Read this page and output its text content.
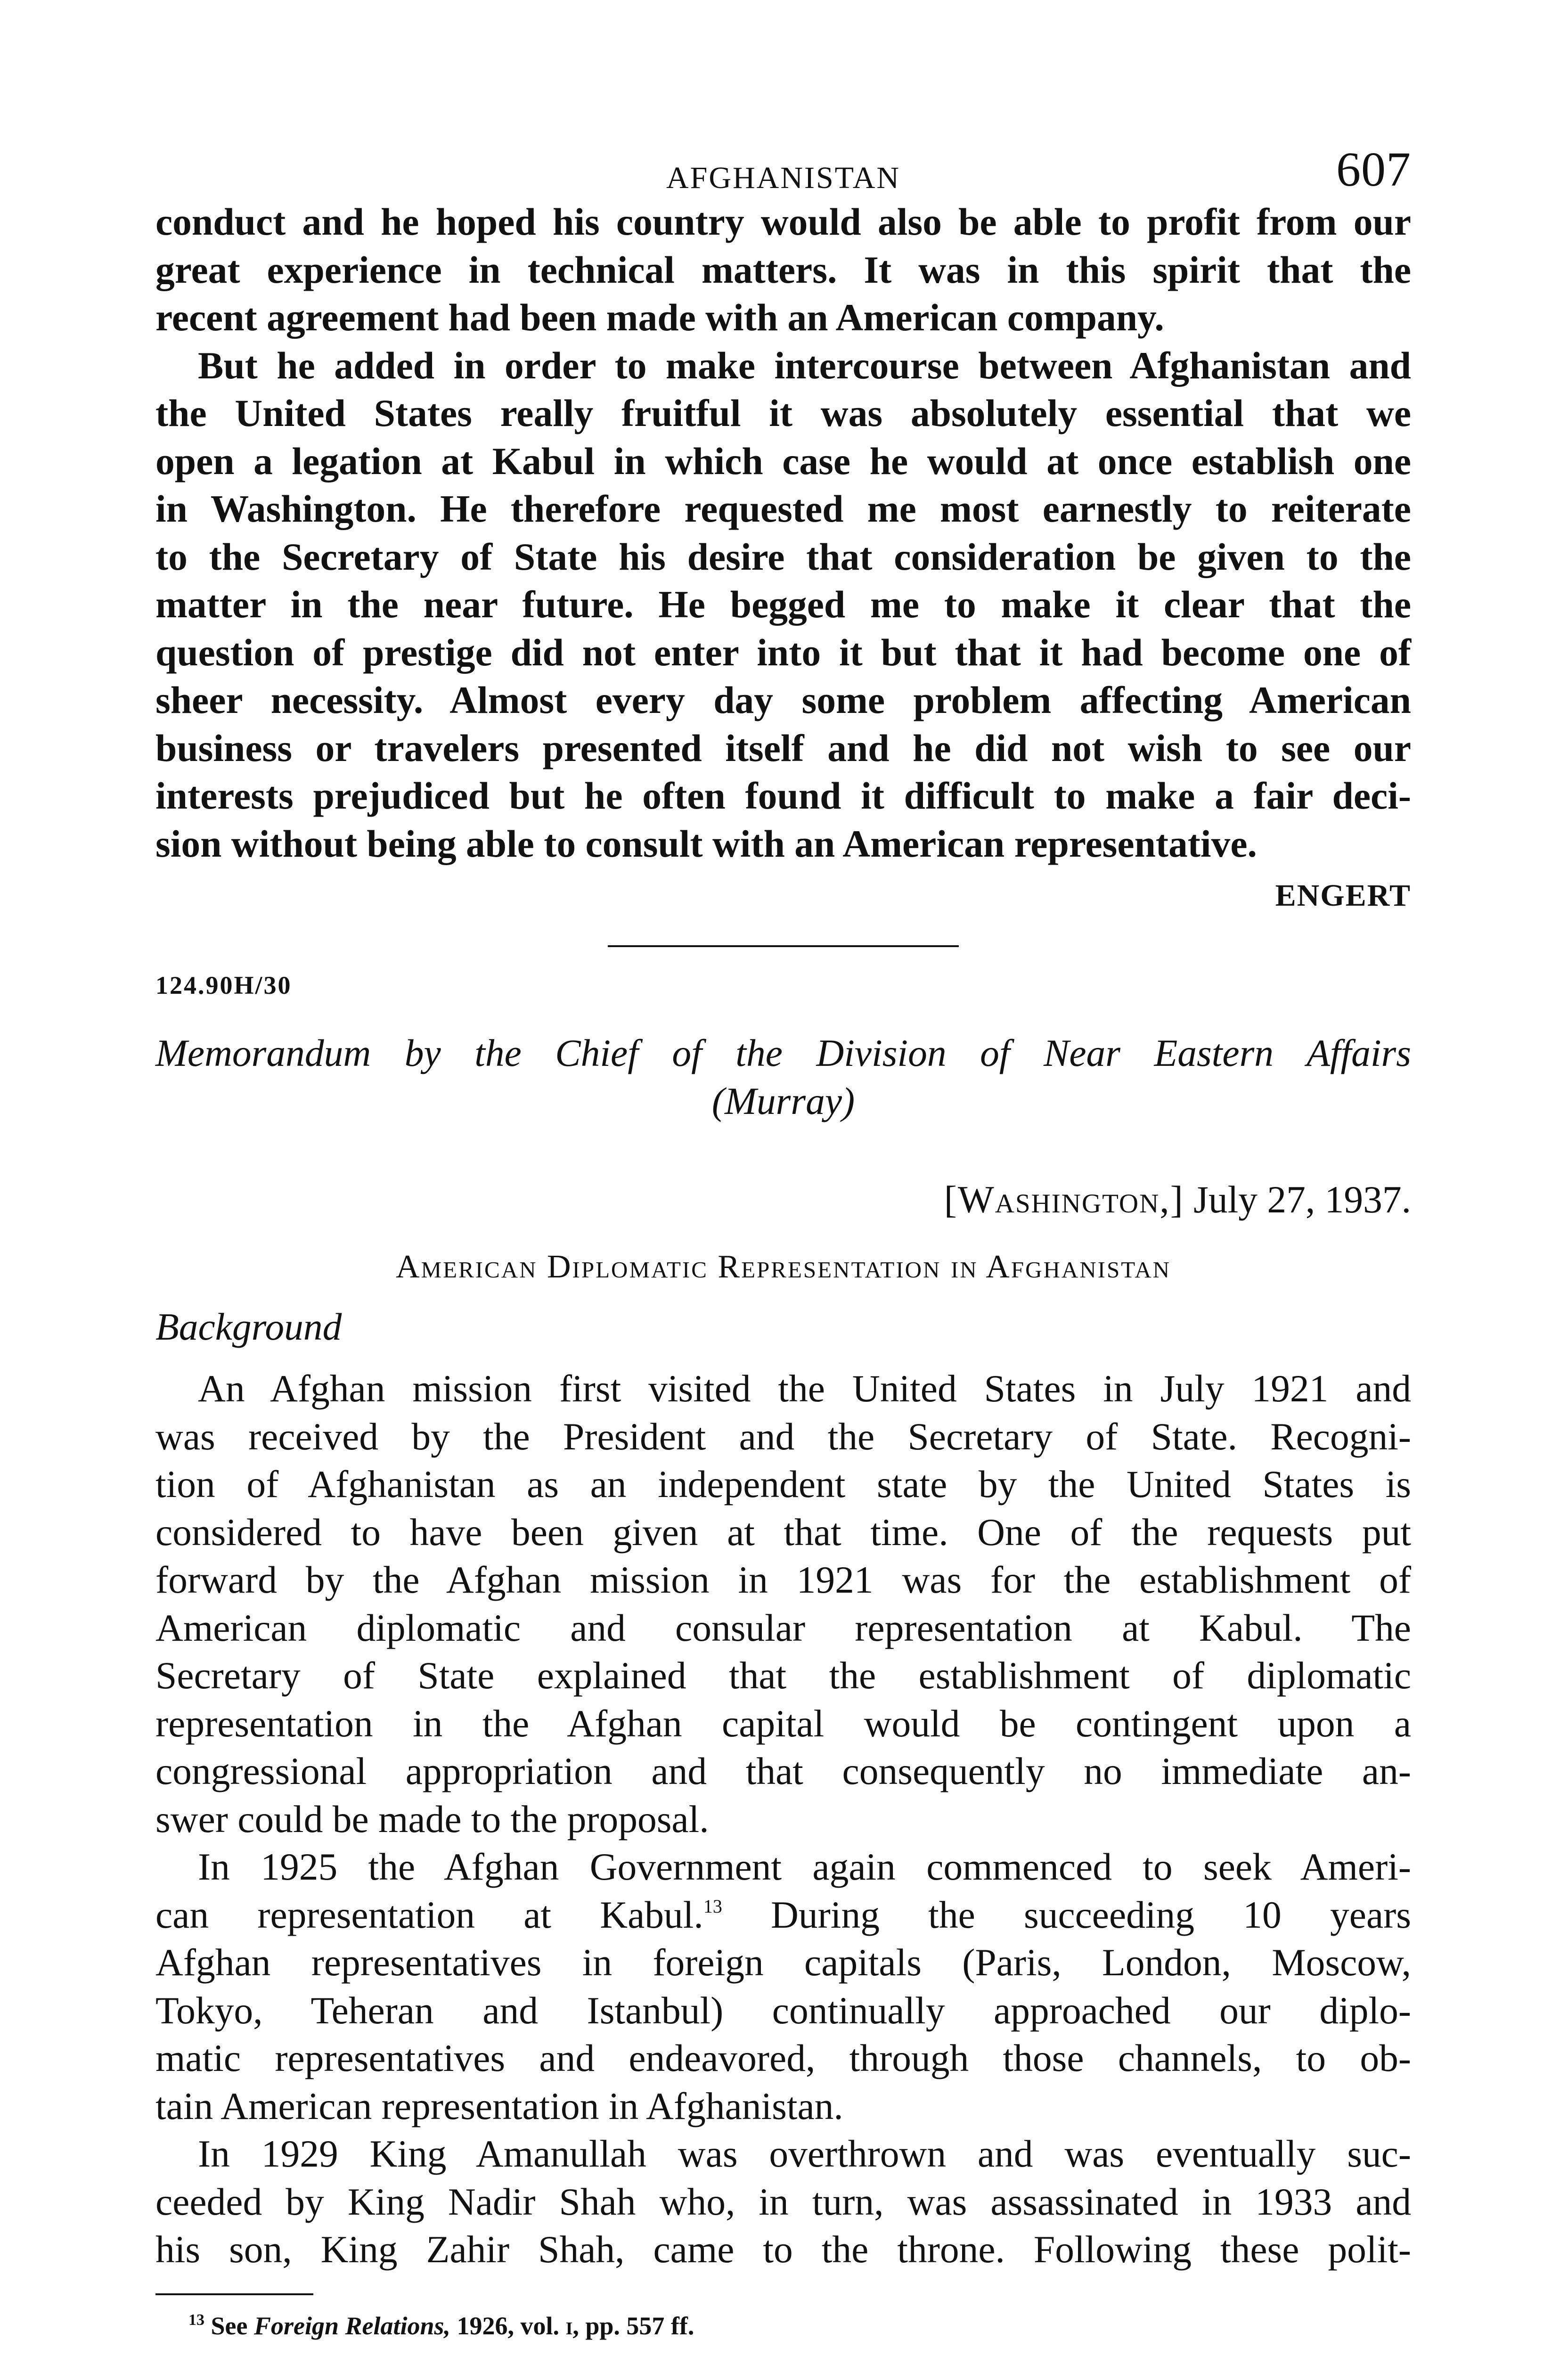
AFGHANISTAN	607

conduct and he hoped his country would also be able to profit from our

great experience in technical matters. It was in this spirit that the

recent agreement had been made with an American company.

But he added in order to make intercourse between Afghanistan and

the United States really fruitful it was absolutely essential that we

open a legation at Kabul in which case he would at once establish one

in Washington. He therefore requested me most earnestly to reiterate

to the Secretary of State his desire that consideration be given to the

matter in the near future. He begged me to make it clear that the

question of prestige did not enter into it but that it had become one of

sheer necessity. Almost every day some problem affecting American

business or travelers presented itself and he did not wish to see our

interests prejudiced but he often found it difficult to make a fair deci-

sion without being able to consult with an American representative.

ENGERT
124.90H/30
Memorandum by the Chief of the Division of Near Eastern Affairs
(Murray)
[Washington,] July 27, 1937.
American Diplomatic Representation in Afghanistan
Background

An Afghan mission first visited the United States in July 1921 and

was received by the President and the Secretary of State. Recogni-

tion of Afghanistan as an independent state by the United States is

considered to have been given at that time. One of the requests put

forward by the Afghan mission in 1921 was for the establishment of

American diplomatic and consular representation at Kabul. The

Secretary of State explained that the establishment of diplomatic

representation in the Afghan capital would be contingent upon a

congressional appropriation and that consequently no immediate an-

swer could be made to the proposal.

In 1925 the Afghan Government again commenced to seek Ameri-

can representation at Kabul.$^{13}$ During the succeeding 10 years

Afghan representatives in foreign capitals (Paris, London, Moscow,

Tokyo, Teheran and Istanbul) continually approached our diplo-

matic representatives and endeavored, through those channels, to ob-

tain American representation in Afghanistan.

In 1929 King Amanullah was overthrown and was eventually suc-

ceeded by King Nadir Shah who, in turn, was assassinated in 1933 and

his son, King Zahir Shah, came to the throne. Following these polit-

$^{13}$ See Foreign Relations, 1926, vol. i, pp. 557 ff.
